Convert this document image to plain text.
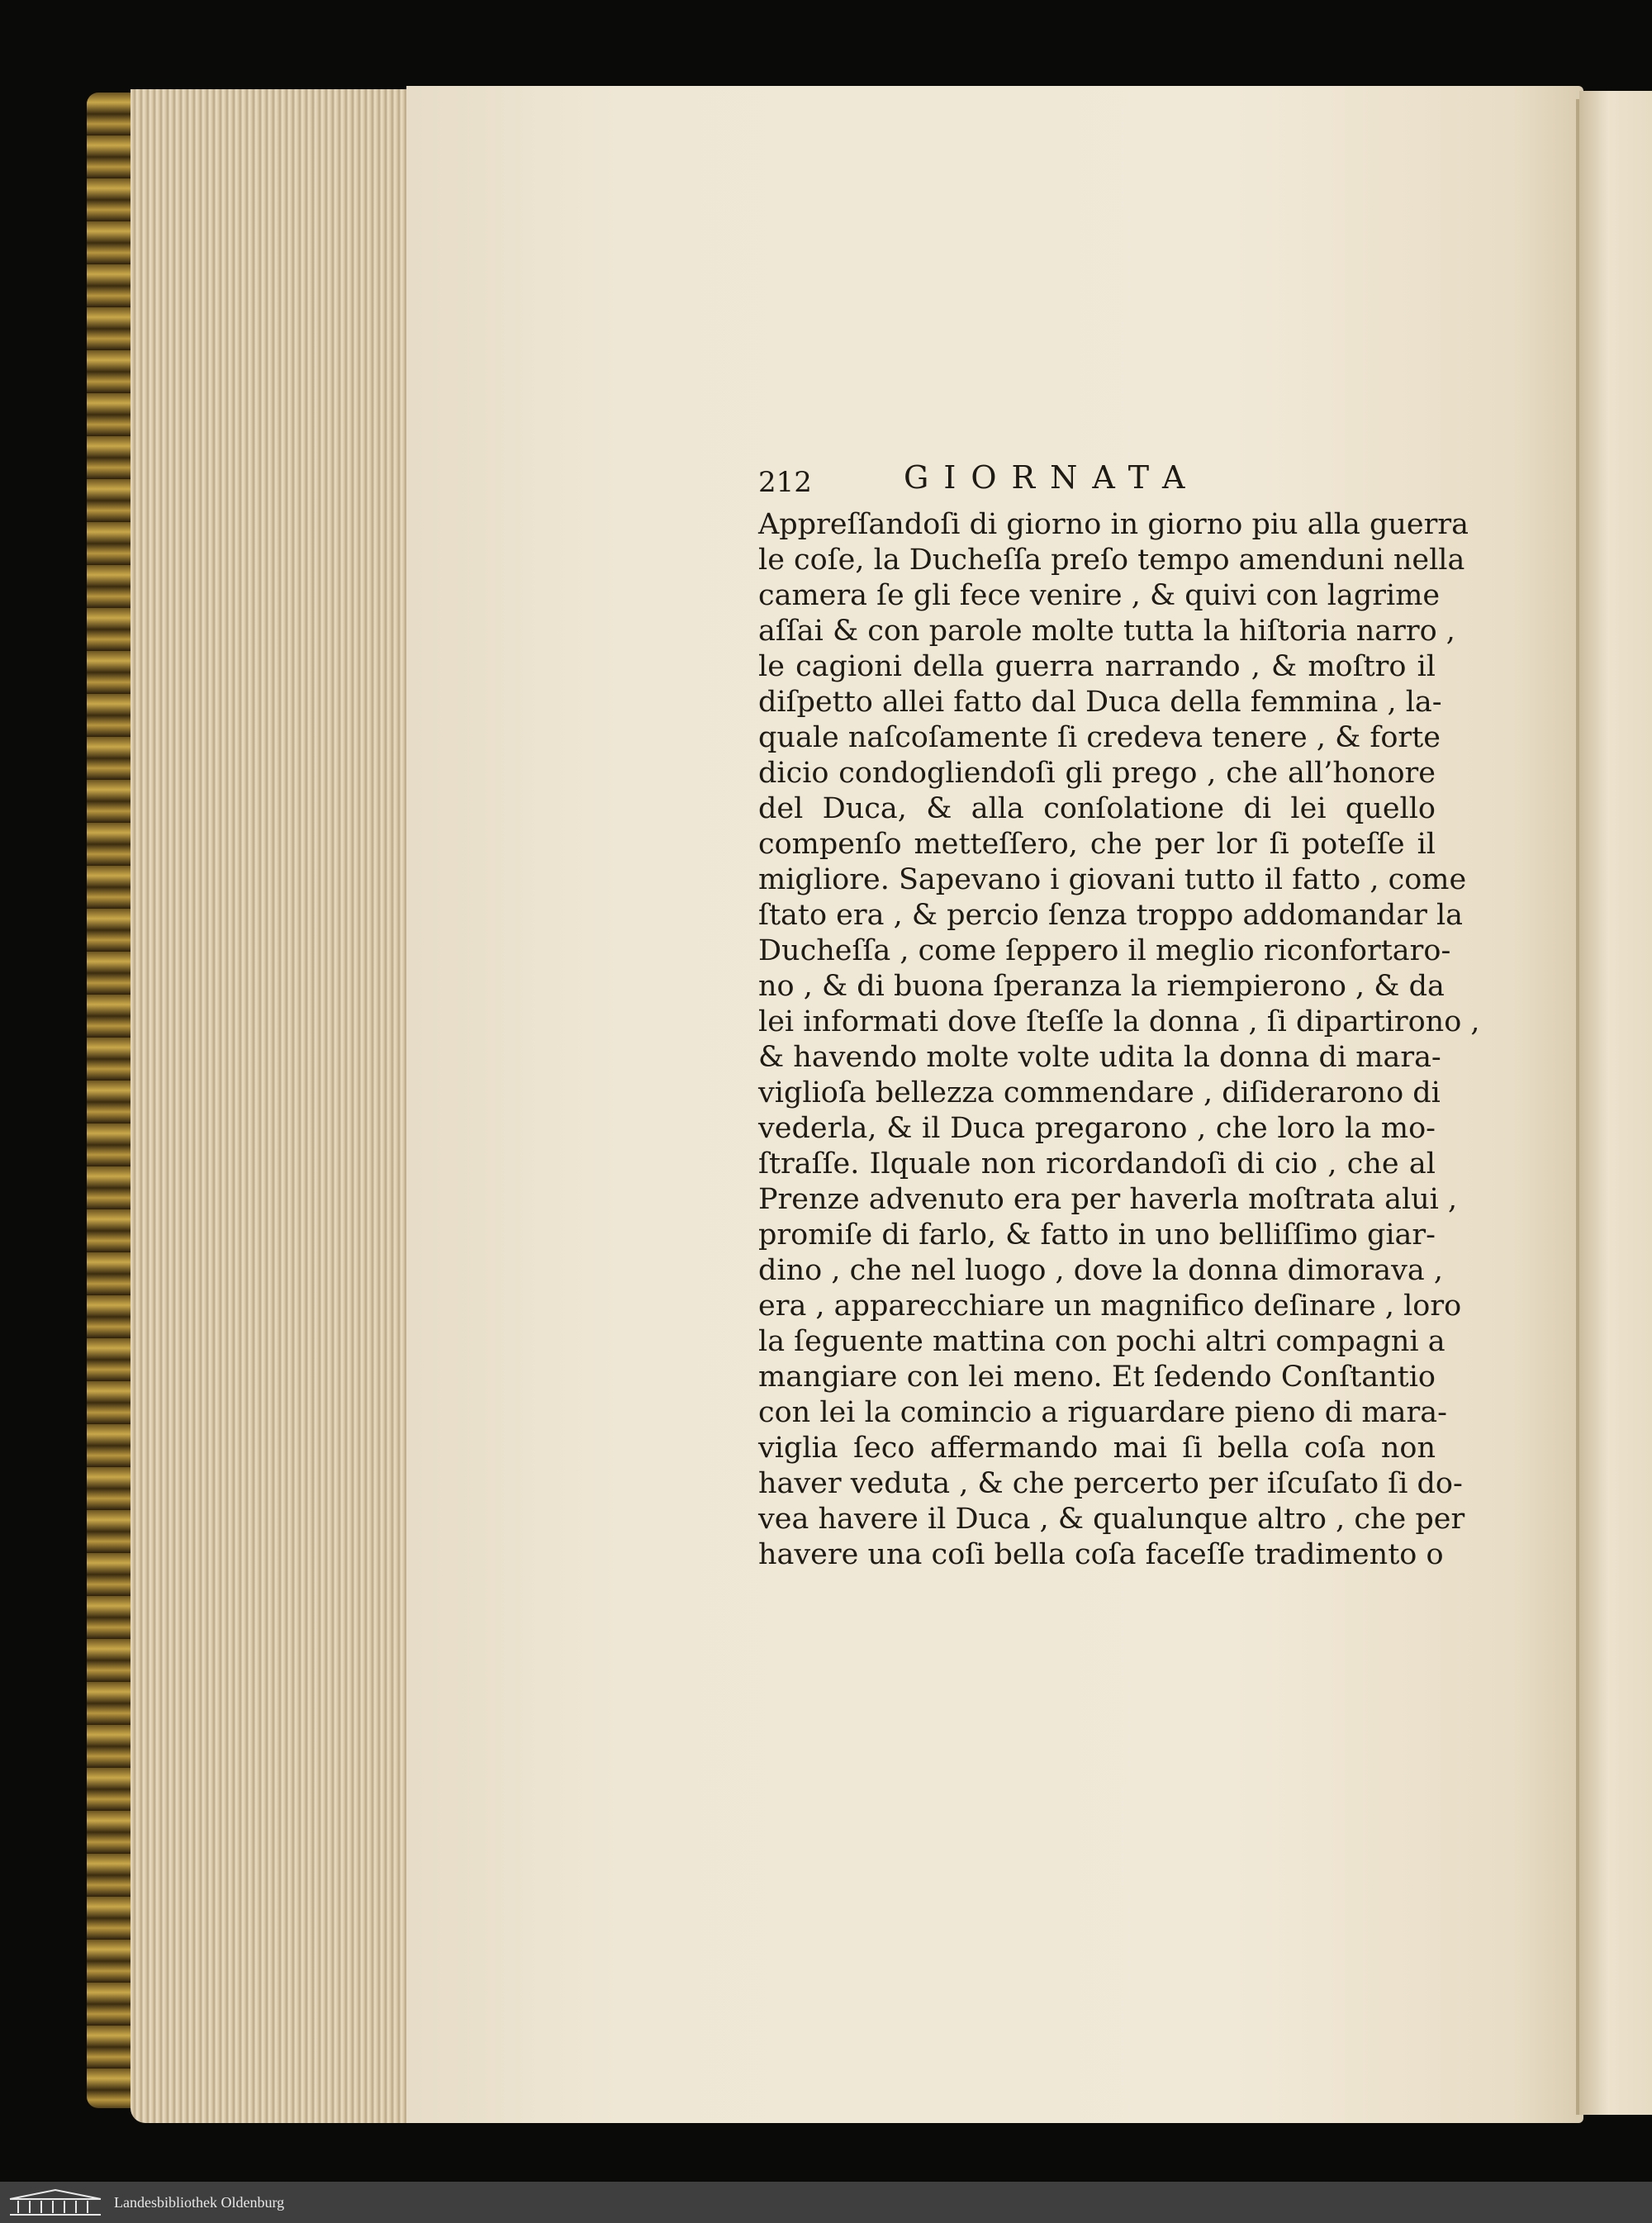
212	GIORNATA
Appreſſandoſi di giorno in giorno piu alla guerra
le coſe, la Ducheſſa preſo tempo amenduni nella
camera ſe gli fece venire , & quivi con lagrime
aſſai & con parole molte tutta la hiſtoria narro ,
le cagioni della guerra narrando , & moſtro il
diſpetto allei fatto dal Duca della femmina , la-
quale naſcoſamente ſi credeva tenere , & forte
dicio condogliendoſi gli prego , che all’honore
del Duca, & alla conſolatione di lei quello
compenſo metteſſero, che per lor ſi poteſſe il
migliore. Sapevano i giovani tutto il fatto , come
ſtato era , & percio ſenza troppo addomandar la
Ducheſſa , come ſeppero il meglio riconfortaro-
no , & di buona ſperanza la riempierono , & da
lei informati dove ſteſſe la donna , ſi dipartirono ,
& havendo molte volte udita la donna di mara-
viglioſa bellezza commendare , diſiderarono di
vederla, & il Duca pregarono , che loro la mo-
ſtraſſe. Ilquale non ricordandoſi di cio , che al
Prenze advenuto era per haverla moſtrata alui ,
promiſe di farlo, & fatto in uno belliſſimo giar-
dino , che nel luogo , dove la donna dimorava ,
era , apparecchiare un magnifico deſinare , loro
la ſeguente mattina con pochi altri compagni a
mangiare con lei meno. Et ſedendo Conſtantio
con lei la comincio a riguardare pieno di mara-
viglia ſeco affermando mai ſi bella coſa non
haver veduta , & che percerto per iſcuſato ſi do-
vea havere il Duca , & qualunque altro , che per
havere una coſi bella coſa faceſſe tradimento o
Landesbibliothek Oldenburg
